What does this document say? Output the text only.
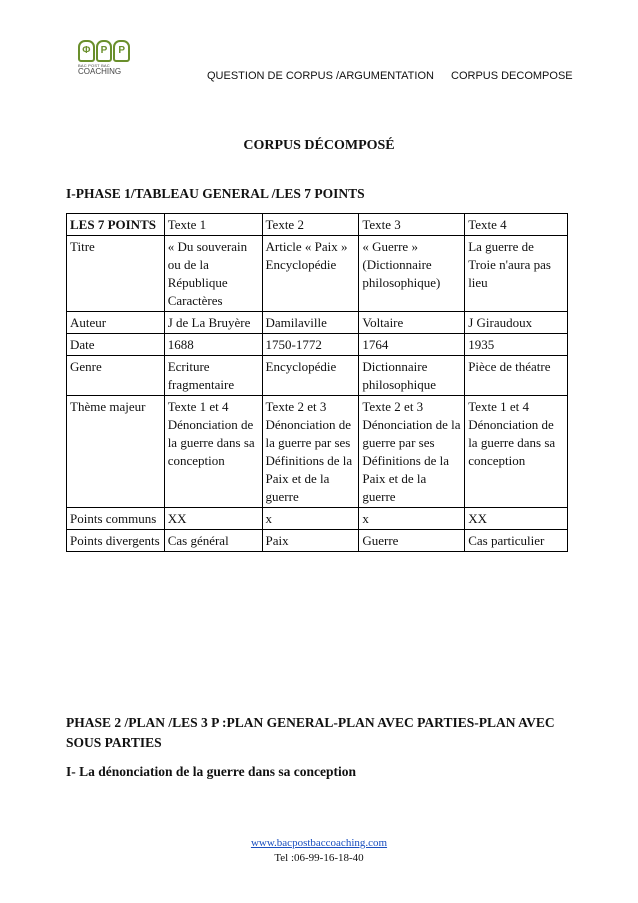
Φ	P	P
BAC POST BAC
COACHING	QUESTION DE CORPUS /ARGUMENTATION CORPUS DECOMPOSE
CORPUS DÉCOMPOSÉ
I-PHASE 1/TABLEAU GENERAL /LES 7 POINTS
LES 7 POINTS	Texte 1	Texte 2	Texte 3	Texte 4
Titre	« Du souverain ou de la République Caractères	Article « Paix » Encyclopédie	« Guerre » (Dictionnaire philosophique)	La guerre de Troie n'aura pas lieu
Auteur	J de La Bruyère	Damilaville	Voltaire	J Giraudoux
Date	1688	1750-1772	1764	1935
Genre	Ecriture fragmentaire	Encyclopédie	Dictionnaire philosophique	Pièce de théatre
Thème majeur	Texte 1 et 4 Dénonciation de la guerre dans sa conception	Texte 2 et 3 Dénonciation de la guerre par ses Définitions de la Paix et de la guerre	Texte 2 et 3 Dénonciation de la guerre par ses Définitions de la Paix et de la guerre	Texte 1 et 4 Dénonciation de la guerre dans sa conception
Points communs	XX	x	x	XX
Points divergents	Cas général	Paix	Guerre	Cas particulier
PHASE 2 /PLAN /LES 3 P :PLAN GENERAL-PLAN AVEC PARTIES-PLAN AVEC SOUS PARTIES
I- La dénonciation de la guerre dans sa conception
www.bacpostbaccoaching.com
Tel :06-99-16-18-40
